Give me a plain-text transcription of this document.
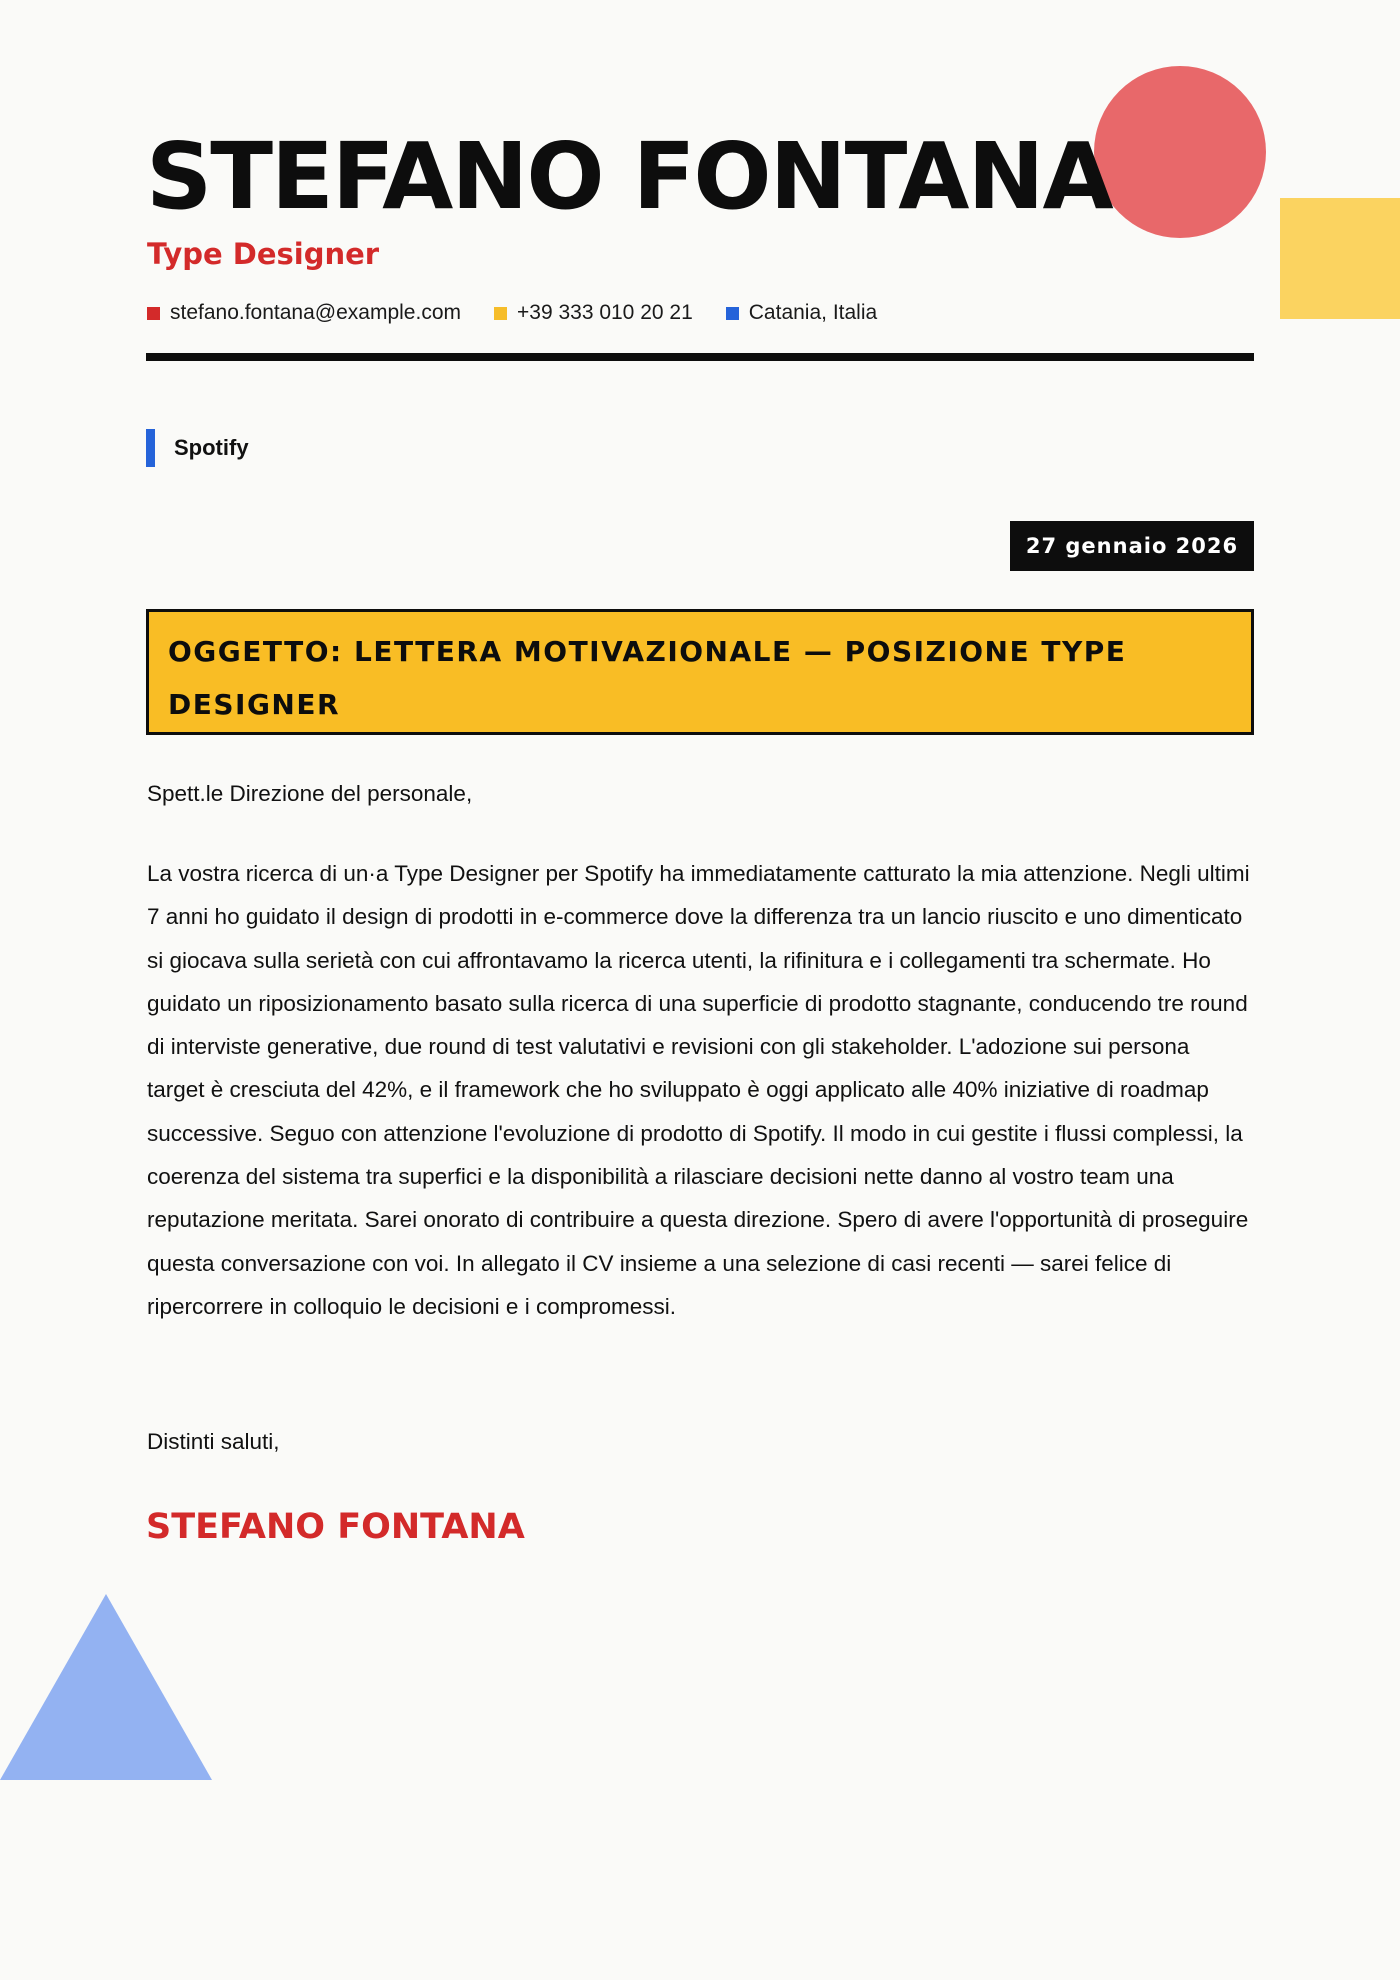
STEFANO FONTANA
Type Designer
stefano.fontana@example.com	+39 333 010 20 21	Catania, Italia
Spotify
27 gennaio 2026
OGGETTO: LETTERA MOTIVAZIONALE — POSIZIONE TYPE DESIGNER
Spett.le Direzione del personale,

La vostra ricerca di un·a Type Designer per Spotify ha immediatamente catturato la mia attenzione. Negli ultimi 7 anni ho guidato il design di prodotti in e-commerce dove la differenza tra un lancio riuscito e uno dimenticato si giocava sulla serietà con cui affrontavamo la ricerca utenti, la rifinitura e i collegamenti tra schermate. Ho guidato un riposizionamento basato sulla ricerca di una superficie di prodotto stagnante, conducendo tre round di interviste generative, due round di test valutativi e revisioni con gli stakeholder. L'adozione sui persona target è cresciuta del 42%, e il framework che ho sviluppato è oggi applicato alle 40% iniziative di roadmap successive. Seguo con attenzione l'evoluzione di prodotto di Spotify. Il modo in cui gestite i flussi complessi, la coerenza del sistema tra superfici e la disponibilità a rilasciare decisioni nette danno al vostro team una reputazione meritata. Sarei onorato di contribuire a questa direzione. Spero di avere l'opportunità di proseguire questa conversazione con voi. In allegato il CV insieme a una selezione di casi recenti — sarei felice di ripercorrere in colloquio le decisioni e i compromessi.

Distinti saluti,
STEFANO FONTANA
